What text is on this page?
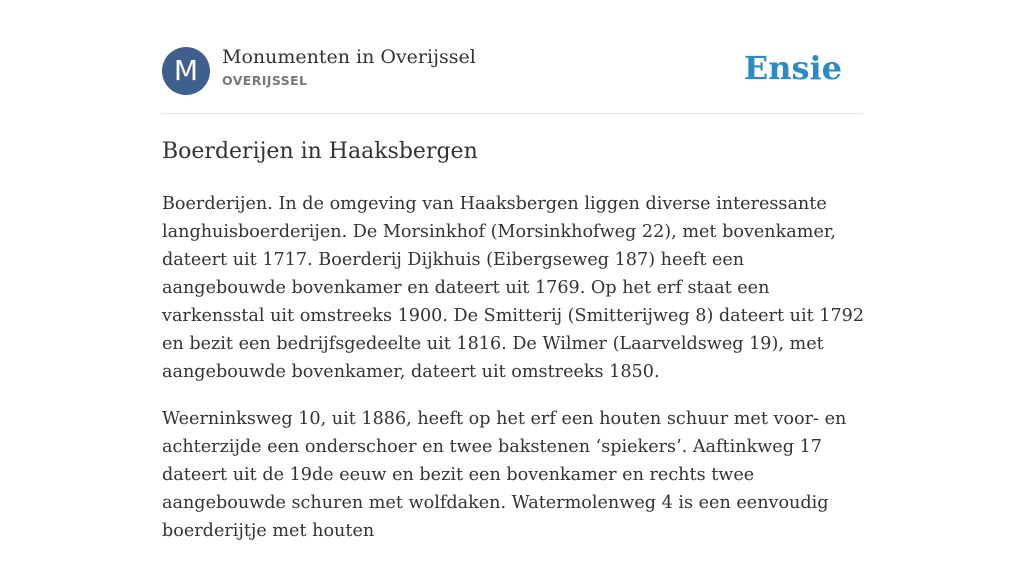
M	Monumenten in Overijssel
OVERIJSSEL	Ensie
Boerderijen in Haaksbergen

Boerderijen. In de omgeving van Haaksbergen liggen diverse interessante langhuisboerderijen. De Morsinkhof (Morsinkhofweg 22), met bovenkamer, dateert uit 1717. Boerderij Dijkhuis (Eibergseweg 187) heeft een aangebouwde bovenkamer en dateert uit 1769. Op het erf staat een varkensstal uit omstreeks 1900. De Smitterij (Smitterijweg 8) dateert uit 1792 en bezit een bedrijfsgedeelte uit 1816. De Wilmer (Laarveldsweg 19), met aangebouwde bovenkamer, dateert uit omstreeks 1850.

Weerninksweg 10, uit 1886, heeft op het erf een houten schuur met voor- en achterzijde een onderschoer en twee bakstenen ‘spiekers’. Aaftinkweg 17 dateert uit de 19de eeuw en bezit een bovenkamer en rechts twee aangebouwde schuren met wolfdaken. Watermolenweg 4 is een eenvoudig boerderijtje met houten
